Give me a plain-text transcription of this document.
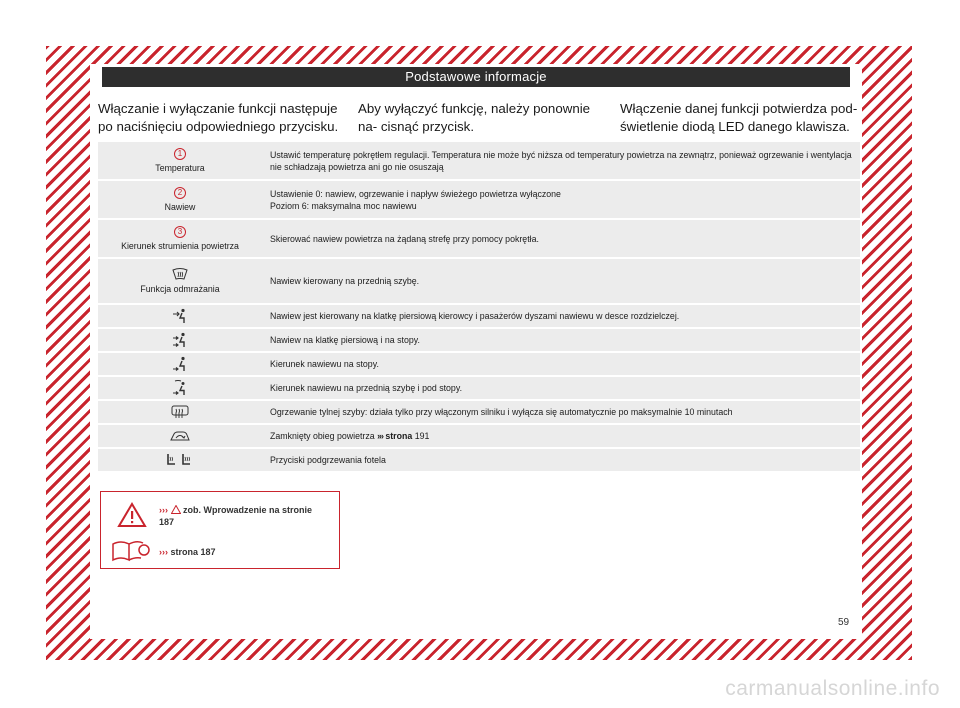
Podstawowe informacje
Włączanie i wyłączanie funkcji następuje po naciśnięciu odpowiedniego przycisku.
Aby wyłączyć funkcję, należy ponownie na- cisnąć przycisk.
Włączenie danej funkcji potwierdza pod- świetlenie diodą LED danego klawisza.
1
Temperatura	Ustawić temperaturę pokrętłem regulacji. Temperatura nie może być niższa od temperatury powietrza na zewnątrz, ponieważ ogrzewanie i wentylacja nie schładzają powietrza ani go nie osuszają
2
Nawiew	Ustawienie 0: nawiew, ogrzewanie i napływ świeżego powietrza wyłączone
Poziom 6: maksymalna moc nawiewu
3
Kierunek strumienia powietrza	Skierować nawiew powietrza na żądaną strefę przy pomocy pokrętła.

Funkcja odmrażania	Nawiew kierowany na przednią szybę.
	Nawiew jest kierowany na klatkę piersiową kierowcy i pasażerów dyszami nawiewu w desce rozdzielczej.
	Nawiew na klatkę piersiową i na stopy.
	Kierunek nawiewu na stopy.
	Kierunek nawiewu na przednią szybę i pod stopy.
	Ogrzewanie tylnej szyby: działa tylko przy włączonym silniku i wyłącza się automatycznie po maksymalnie 10 minutach
	Zamknięty obieg powietrza ››› strona 191
	Przyciski podgrzewania fotela
››› zob. Wprowadzenie na stronie 187
››› strona 187
59
carmanualsonline.info
